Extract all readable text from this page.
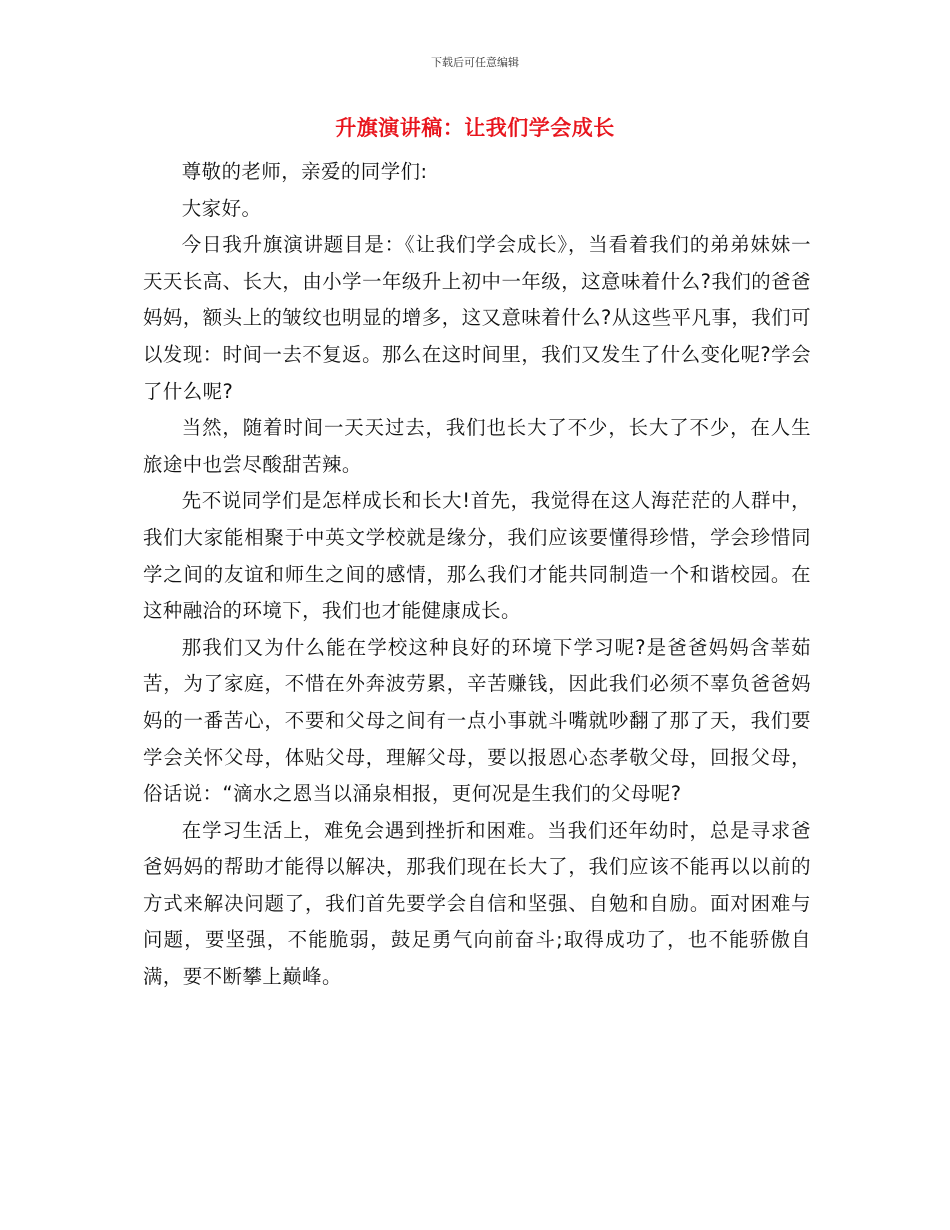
下载后可任意编辑
升旗演讲稿：让我们学会成长

尊敬的老师，亲爱的同学们:

大家好。

今日我升旗演讲题目是：《让我们学会成长》，当看着我们的弟弟妹妹一天天长高、长大，由小学一年级升上初中一年级，这意味着什么?我们的爸爸妈妈，额头上的皱纹也明显的增多，这又意味着什么?从这些平凡事，我们可以发现：时间一去不复返。那么在这时间里，我们又发生了什么变化呢?学会了什么呢?

当然，随着时间一天天过去，我们也长大了不少，长大了不少，在人生旅途中也尝尽酸甜苦辣。

先不说同学们是怎样成长和长大!首先，我觉得在这人海茫茫的人群中，我们大家能相聚于中英文学校就是缘分，我们应该要懂得珍惜，学会珍惜同学之间的友谊和师生之间的感情，那么我们才能共同制造一个和谐校园。在这种融洽的环境下，我们也才能健康成长。

那我们又为什么能在学校这种良好的环境下学习呢?是爸爸妈妈含莘茹苦，为了家庭，不惜在外奔波劳累，辛苦赚钱，因此我们必须不辜负爸爸妈妈的一番苦心，不要和父母之间有一点小事就斗嘴就吵翻了那了天，我们要学会关怀父母，体贴父母，理解父母，要以报恩心态孝敬父母，回报父母，俗话说：“滴水之恩当以涌泉相报，更何况是生我们的父母呢?

在学习生活上，难免会遇到挫折和困难。当我们还年幼时，总是寻求爸爸妈妈的帮助才能得以解决，那我们现在长大了，我们应该不能再以以前的方式来解决问题了，我们首先要学会自信和坚强、自勉和自励。面对困难与问题，要坚强，不能脆弱，鼓足勇气向前奋斗;取得成功了，也不能骄傲自满，要不断攀上巅峰。
